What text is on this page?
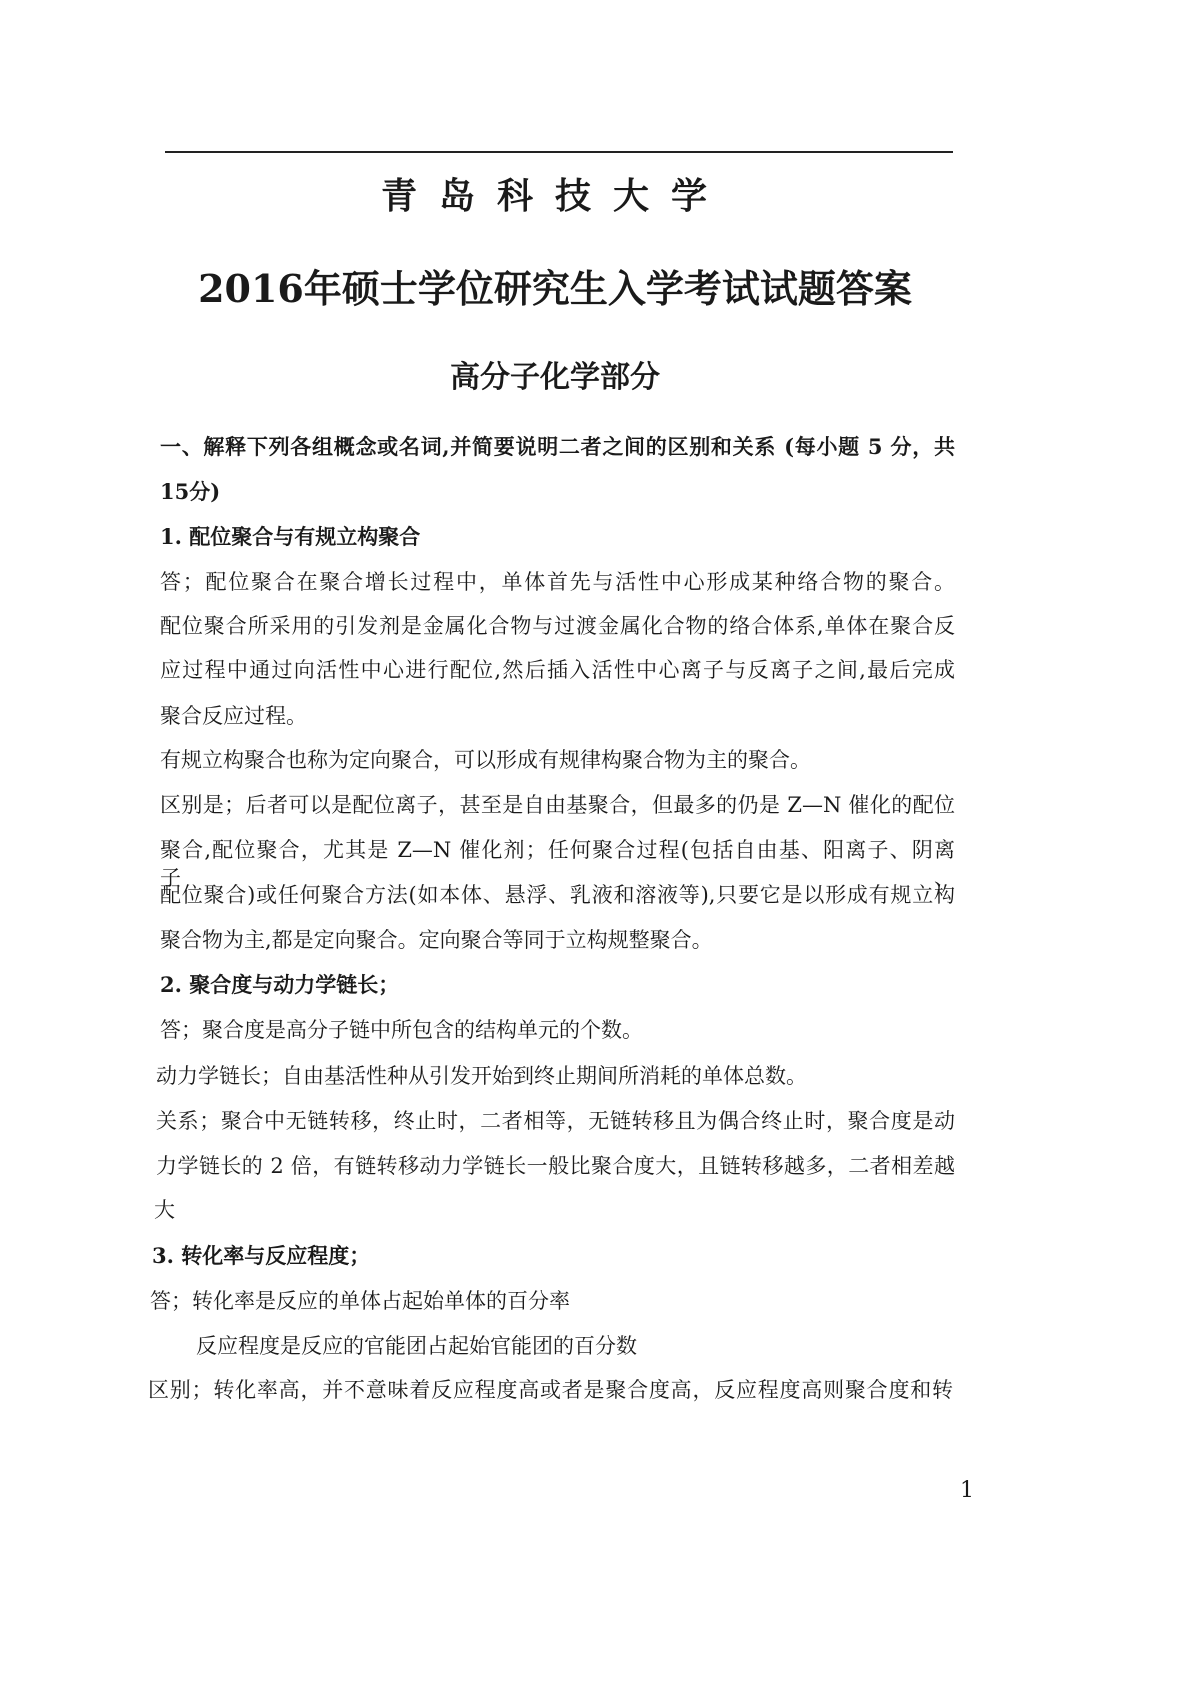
青岛科技大学
2016年硕士学位研究生入学考试试题答案
高分子化学部分
一、解释下列各组概念或名词,并简要说明二者之间的区别和关系 (每小题 5 分，共
15分)
1. 配位聚合与有规立构聚合
答；配位聚合在聚合增长过程中，单体首先与活性中心形成某种络合物的聚合。
配位聚合所采用的引发剂是金属化合物与过渡金属化合物的络合体系,单体在聚合反
应过程中通过向活性中心进行配位,然后插入活性中心离子与反离子之间,最后完成
聚合反应过程。
有规立构聚合也称为定向聚合，可以形成有规律构聚合物为主的聚合。
区别是；后者可以是配位离子，甚至是自由基聚合，但最多的仍是 Z—N 催化的配位
聚合,配位聚合，尤其是 Z—N 催化剂；任何聚合过程(包括自由基、阳离子、阴离子、
配位聚合)或任何聚合方法(如本体、悬浮、乳液和溶液等),只要它是以形成有规立构
聚合物为主,都是定向聚合。定向聚合等同于立构规整聚合。
2. 聚合度与动力学链长；
答；聚合度是高分子链中所包含的结构单元的个数。
动力学链长；自由基活性种从引发开始到终止期间所消耗的单体总数。
关系；聚合中无链转移，终止时，二者相等，无链转移且为偶合终止时，聚合度是动
力学链长的 2 倍，有链转移动力学链长一般比聚合度大，且链转移越多，二者相差越
大
3. 转化率与反应程度；
答；转化率是反应的单体占起始单体的百分率
反应程度是反应的官能团占起始官能团的百分数
区别；转化率高，并不意味着反应程度高或者是聚合度高，反应程度高则聚合度和转
1
